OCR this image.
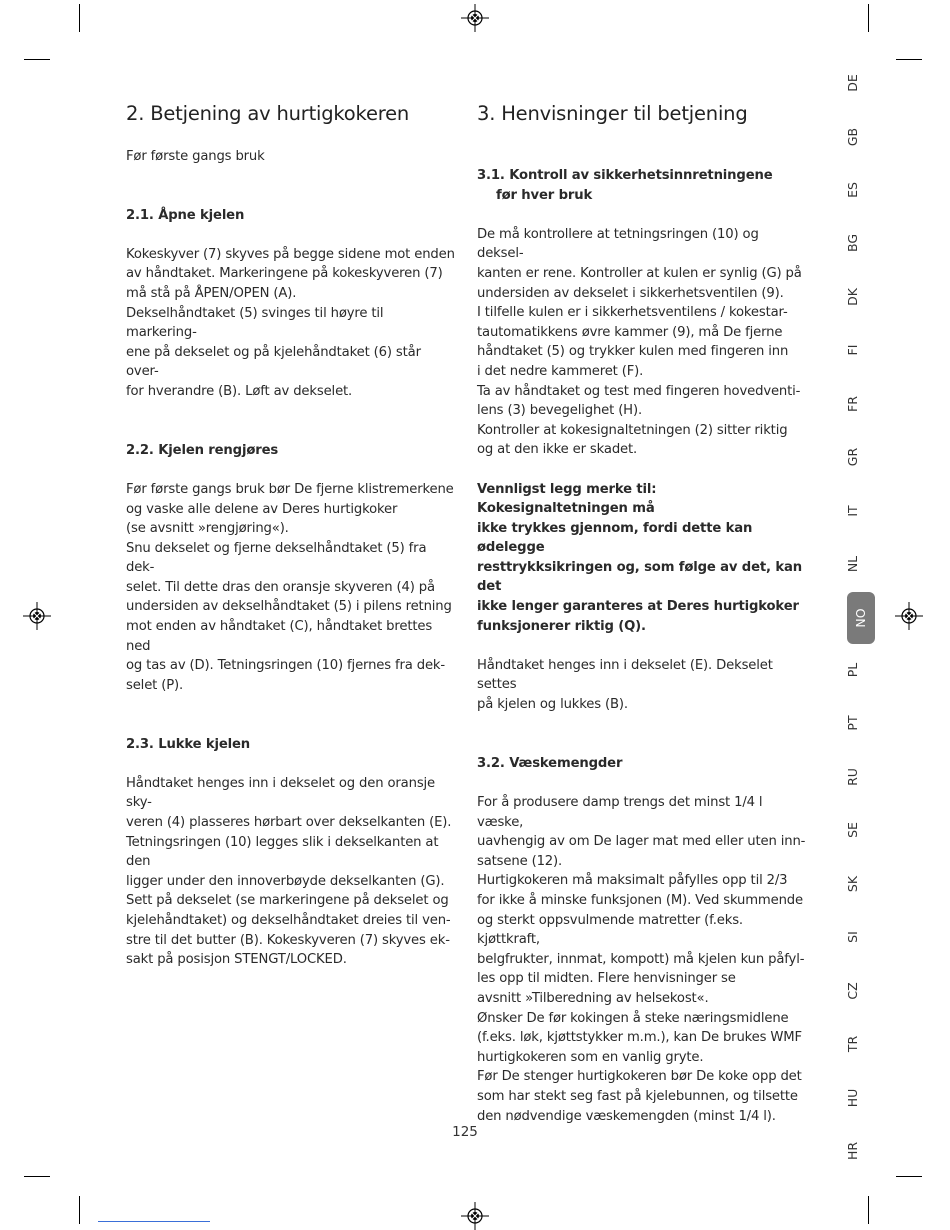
2. Betjening av hurtigkokeren

Før første gangs bruk

2.1. Åpne kjelen

Kokeskyver (7) skyves på begge sidene mot enden

av håndtaket. Markeringene på kokeskyveren (7)

må stå på ÅPEN/OPEN (A).

Dekselhåndtaket (5) svinges til høyre til markering-

ene på dekselet og på kjelehåndtaket (6) står over-

for hverandre (B). Løft av dekselet.

2.2. Kjelen rengjøres

Før første gangs bruk bør De fjerne klistremerkene

og vaske alle delene av Deres hurtigkoker

(se avsnitt »rengjøring«).

Snu dekselet og fjerne dekselhåndtaket (5) fra dek-

selet. Til dette dras den oransje skyveren (4) på

undersiden av dekselhåndtaket (5) i pilens retning

mot enden av håndtaket (C), håndtaket brettes ned

og tas av (D). Tetningsringen (10) fjernes fra dek-

selet (P).

2.3. Lukke kjelen

Håndtaket henges inn i dekselet og den oransje sky-

veren (4) plasseres hørbart over dekselkanten (E).

Tetningsringen (10) legges slik i dekselkanten at den

ligger under den innoverbøyde dekselkanten (G).

Sett på dekselet (se markeringene på dekselet og

kjelehåndtaket) og dekselhåndtaket dreies til ven-

stre til det butter (B). Kokeskyveren (7) skyves ek-

sakt på posisjon STENGT/LOCKED.

3. Henvisninger til betjening

3.1. Kontroll av sikkerhetsinnretningene

før hver bruk

De må kontrollere at tetningsringen (10) og deksel-

kanten er rene. Kontroller at kulen er synlig (G) på

undersiden av dekselet i sikkerhetsventilen (9).

I tilfelle kulen er i sikkerhetsventilens / kokestar-

tautomatikkens øvre kammer (9), må De fjerne

håndtaket (5) og trykker kulen med fingeren inn

i det nedre kammeret (F).

Ta av håndtaket og test med fingeren hovedventi-

lens (3) bevegelighet (H).

Kontroller at kokesignaltetningen (2) sitter riktig

og at den ikke er skadet.

Vennligst legg merke til: Kokesignaltetningen må

ikke trykkes gjennom, fordi dette kan ødelegge

resttrykksikringen og, som følge av det, kan det

ikke lenger garanteres at Deres hurtigkoker

funksjonerer riktig (Q).

Håndtaket henges inn i dekselet (E). Dekselet settes

på kjelen og lukkes (B).

3.2. Væskemengder

For å produsere damp trengs det minst 1/4 l væske,

uavhengig av om De lager mat med eller uten inn-

satsene (12).

Hurtigkokeren må maksimalt påfylles opp til 2/3

for ikke å minske funksjonen (M). Ved skummende

og sterkt oppsvulmende matretter (f.eks. kjøttkraft,

belgfrukter, innmat, kompott) må kjelen kun påfyl-

les opp til midten. Flere henvisninger se

avsnitt »Tilberedning av helsekost«.

Ønsker De før kokingen å steke næringsmidlene

(f.eks. løk, kjøttstykker m.m.), kan De brukes WMF

hurtigkokeren som en vanlig gryte.

Før De stenger hurtigkokeren bør De koke opp det

som har stekt seg fast på kjelebunnen, og tilsette

den nødvendige væskemengden (minst 1/4 l).

DE
GB
ES
BG
DK
FI
FR
GR
IT
NL
NO
PL
PT
RU
SE
SK
SI
CZ
TR
HU
HR
125
